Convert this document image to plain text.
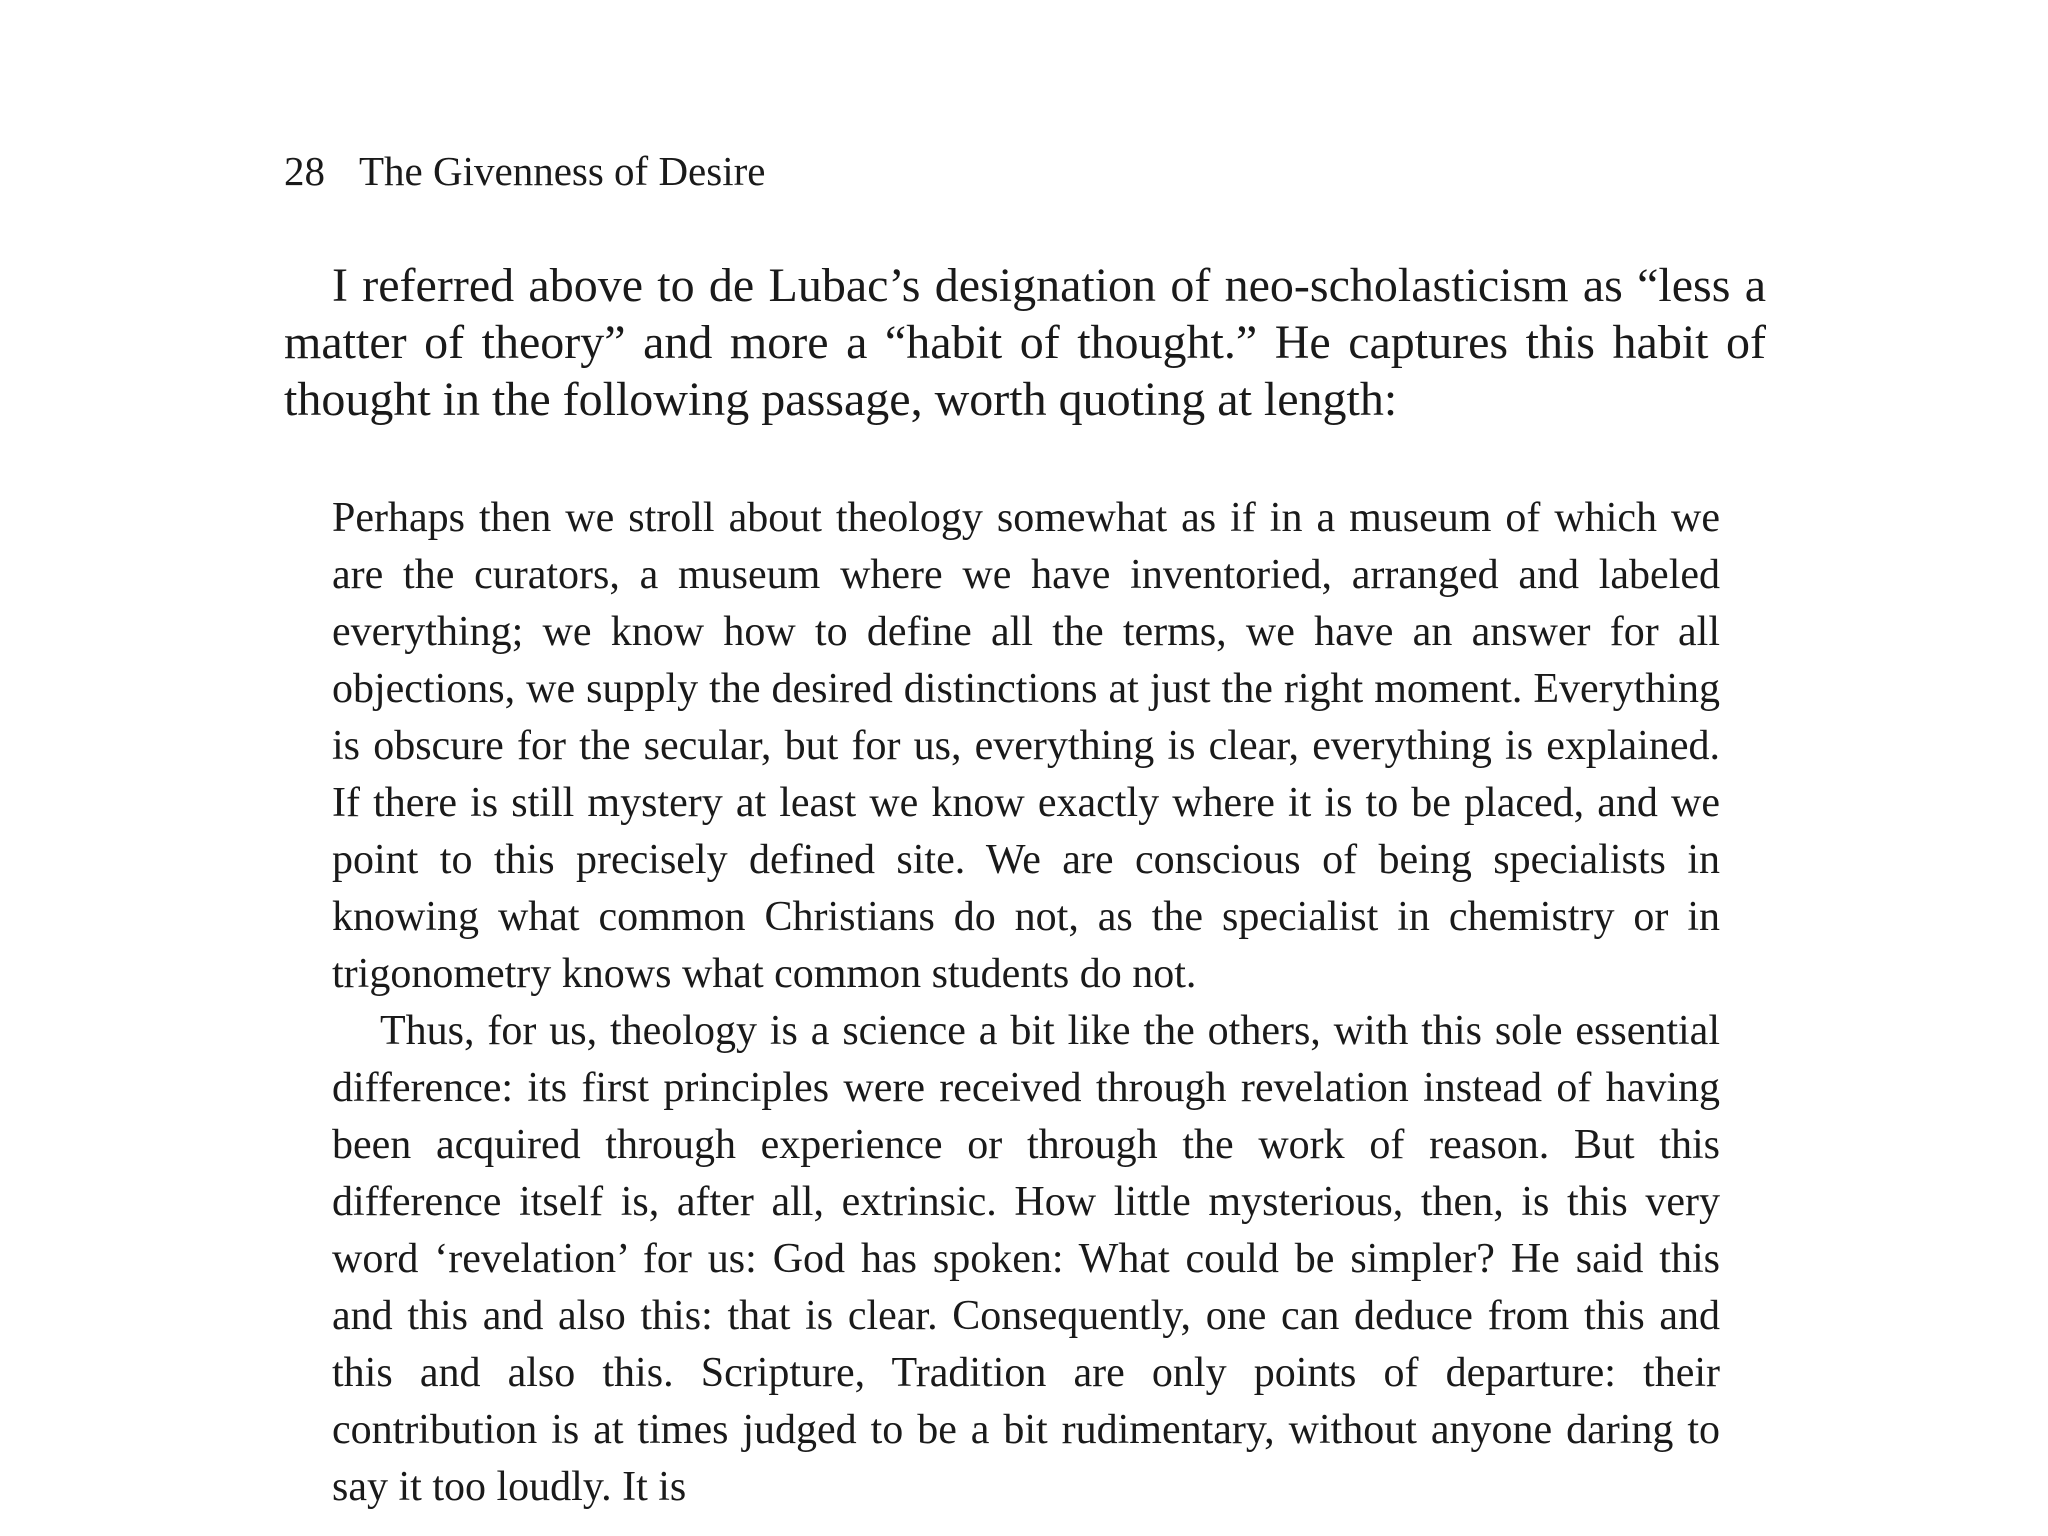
28 The Givenness of Desire

I referred above to de Lubac’s designation of neo-scholasticism as “less a matter of theory” and more a “habit of thought.” He captures this habit of thought in the following passage, worth quoting at length:

Perhaps then we stroll about theology somewhat as if in a museum of which we are the curators, a museum where we have inventoried, arranged and labeled everything; we know how to define all the terms, we have an answer for all objections, we supply the desired distinctions at just the right moment. Everything is obscure for the secular, but for us, everything is clear, everything is explained. If there is still mystery at least we know exactly where it is to be placed, and we point to this precisely defined site. We are conscious of being specialists in knowing what common Christians do not, as the specialist in chemistry or in trigonometry knows what common students do not.

Thus, for us, theology is a science a bit like the others, with this sole essential difference: its first principles were received through revelation instead of having been acquired through experience or through the work of reason. But this difference itself is, after all, extrinsic. How little mysterious, then, is this very word ‘revelation’ for us: God has spoken: What could be simpler? He said this and this and also this: that is clear. Consequently, one can deduce from this and this and also this. Scripture, Tradition are only points of departure: their contribution is at times judged to be a bit rudimentary, without anyone daring to say it too loudly. It is
